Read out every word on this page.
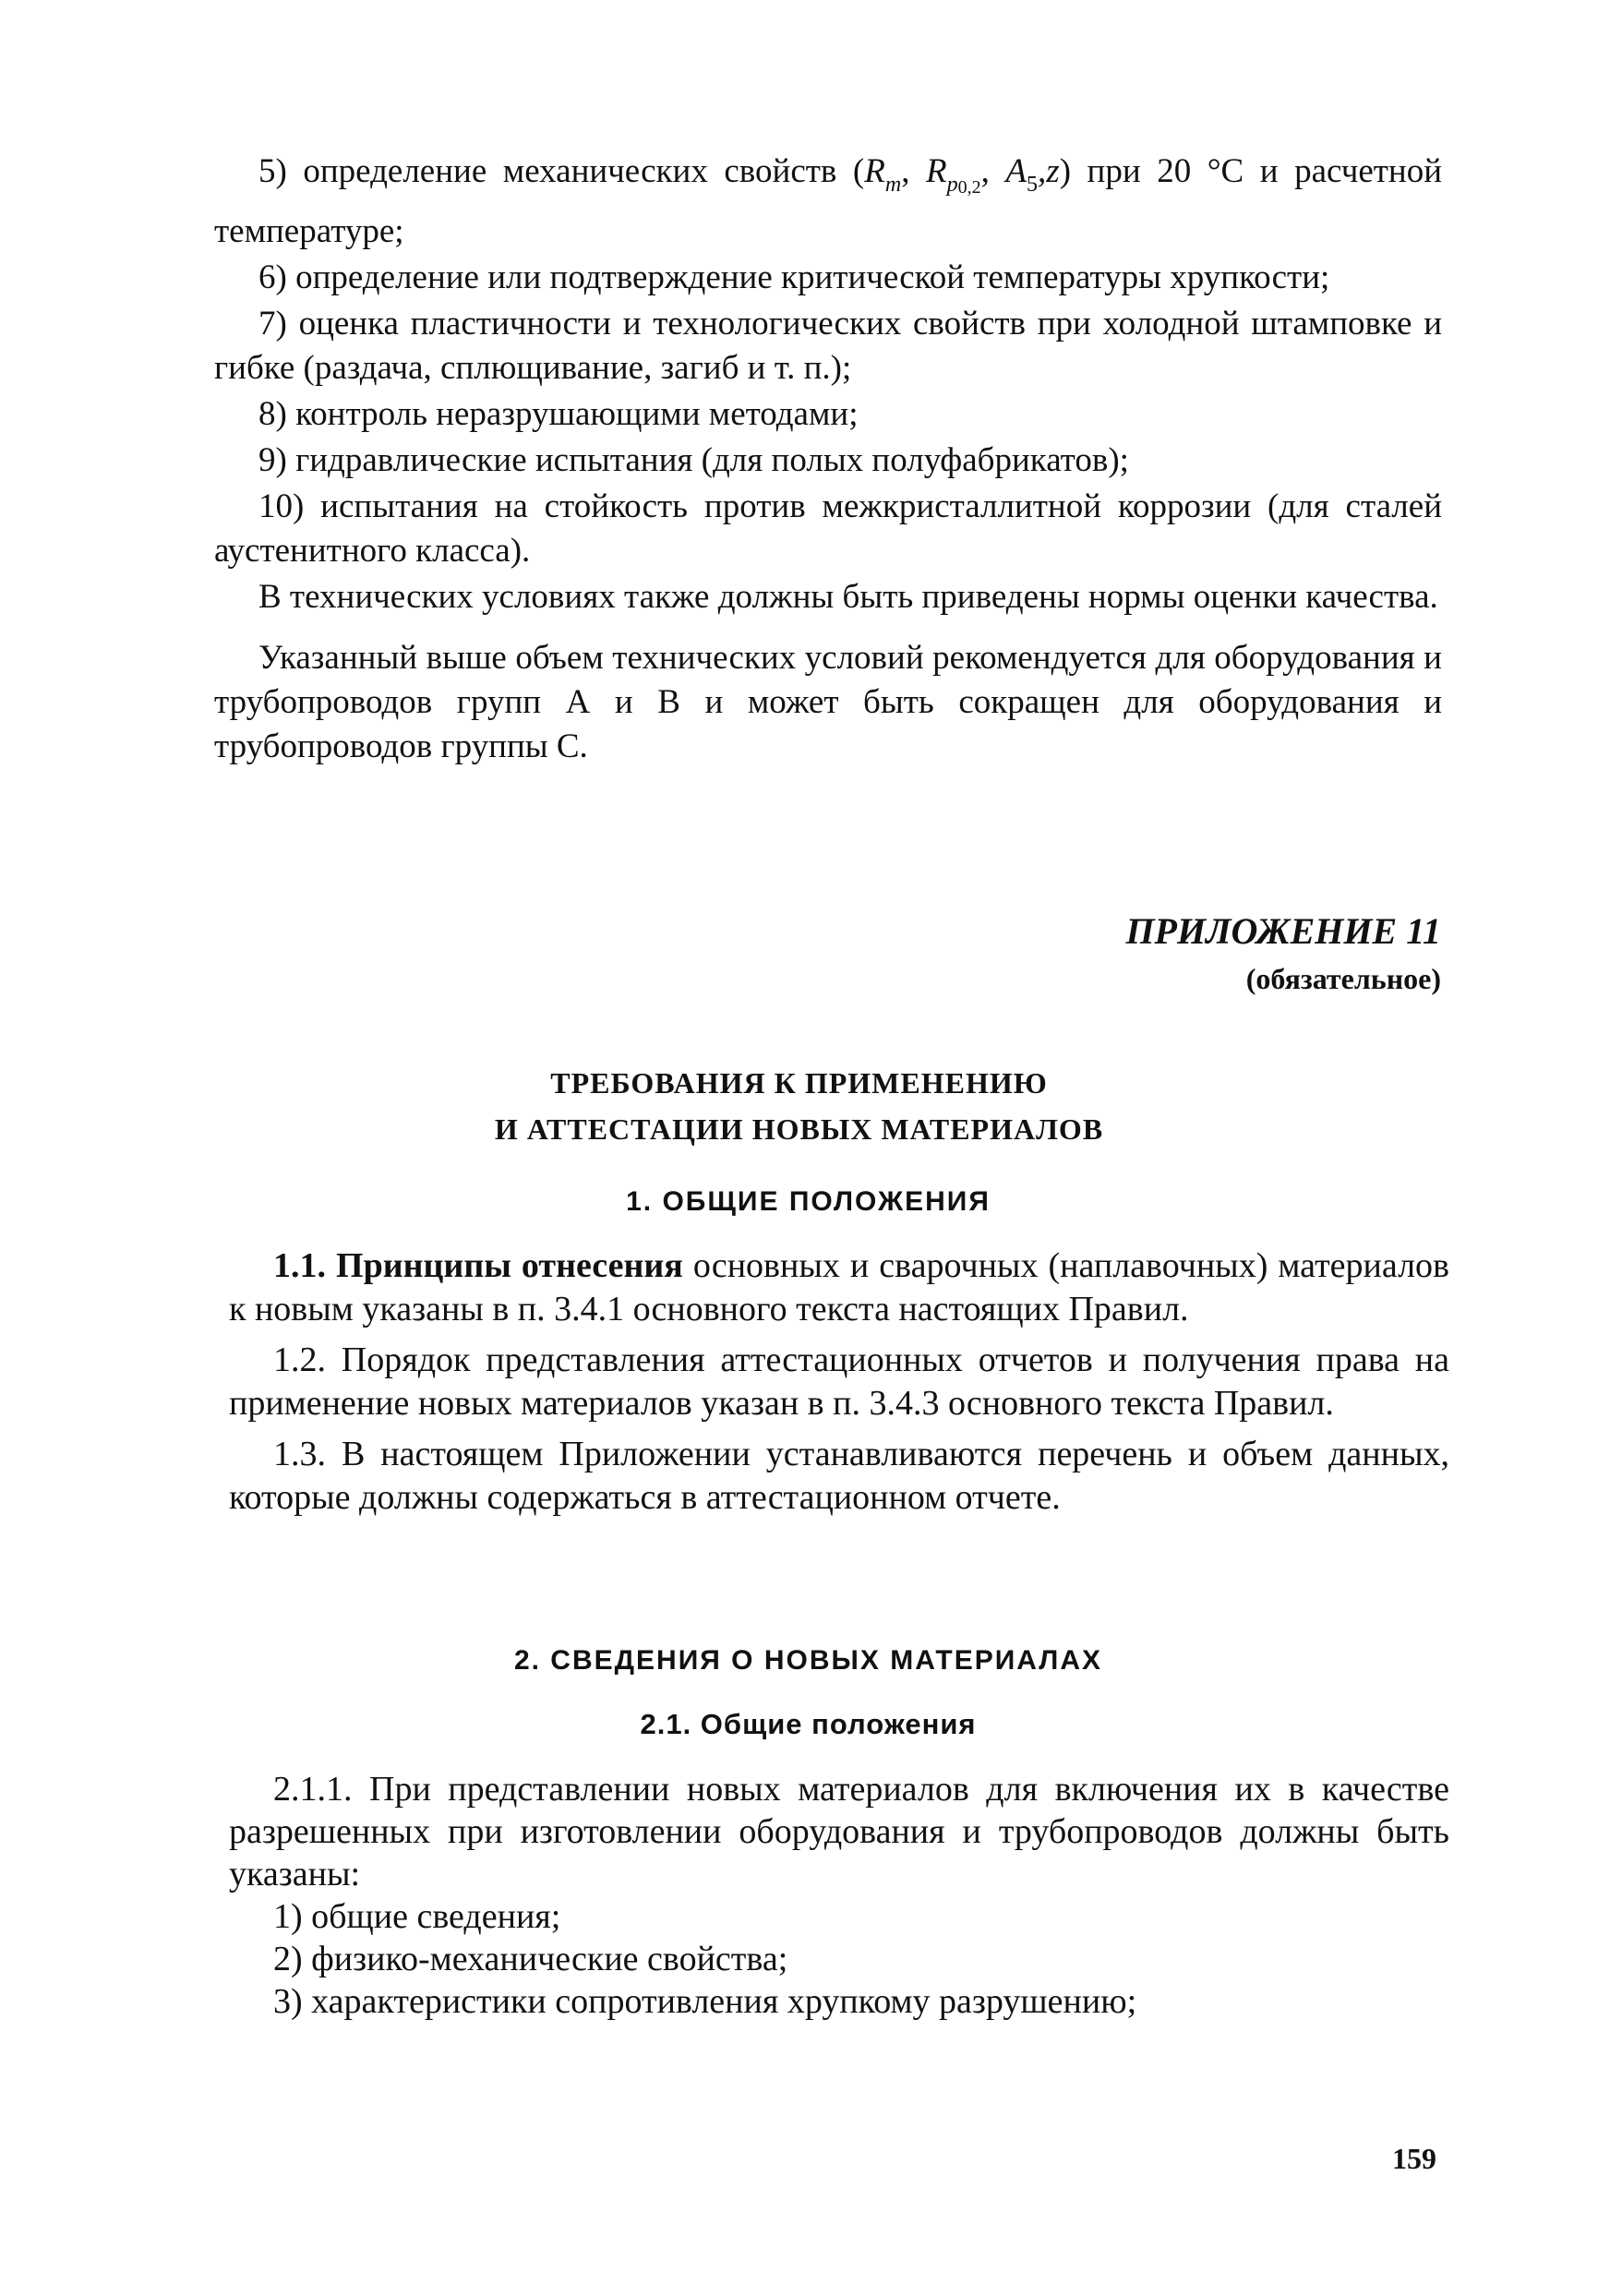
5) определение механических свойств ($R_m$, $R_{p0,2}$, $A_5,z$) при 20 °С и расчетной температуре;

6) определение или подтверждение критической температуры хрупкости;

7) оценка пластичности и технологических свойств при холодной штамповке и гибке (раздача, сплющивание, загиб и т. п.);

8) контроль неразрушающими методами;

9) гидравлические испытания (для полых полуфабрикатов);

10) испытания на стойкость против межкристаллитной коррозии (для сталей аустенитного класса).

В технических условиях также должны быть приведены нормы оценки качества.

Указанный выше объем технических условий рекомендуется для оборудования и трубопроводов групп А и В и может быть сокращен для оборудования и трубопроводов группы С.

ПРИЛОЖЕНИЕ 11
(обязательное)
ТРЕБОВАНИЯ К ПРИМЕНЕНИЮ
И АТТЕСТАЦИИ НОВЫХ МАТЕРИАЛОВ
1. ОБЩИЕ ПОЛОЖЕНИЯ

1.1. Принципы отнесения основных и сварочных (наплавочных) материалов к новым указаны в п. 3.4.1 основного текста настоящих Правил.

1.2. Порядок представления аттестационных отчетов и получения права на применение новых материалов указан в п. 3.4.3 основного текста Правил.

1.3. В настоящем Приложении устанавливаются перечень и объем данных, которые должны содержаться в аттестационном отчете.

2. СВЕДЕНИЯ О НОВЫХ МАТЕРИАЛАХ
2.1. Общие положения

2.1.1. При представлении новых материалов для включения их в качестве разрешенных при изготовлении оборудования и трубопроводов должны быть указаны:

1) общие сведения;

2) физико-механические свойства;

3) характеристики сопротивления хрупкому разрушению;

159
